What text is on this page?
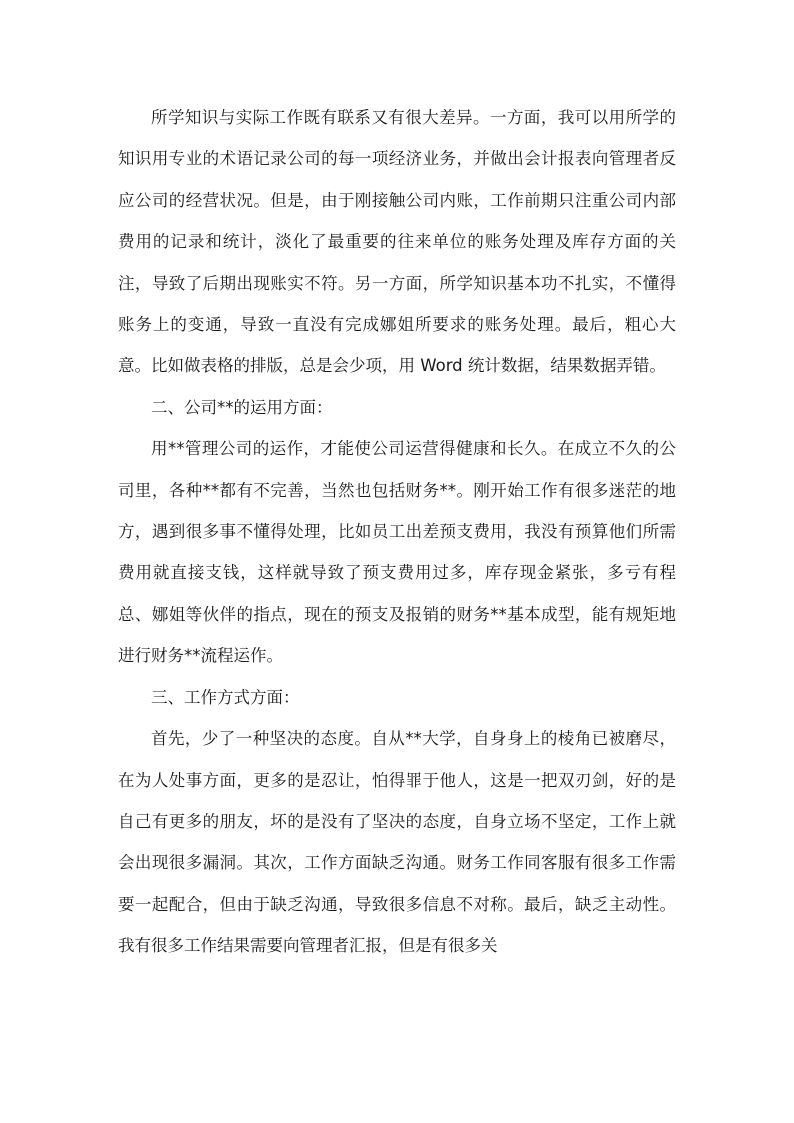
所学知识与实际工作既有联系又有很大差异。一方面，我可以用所学的知识用专业的术语记录公司的每一项经济业务，并做出会计报表向管理者反应公司的经营状况。但是，由于刚接触公司内账，工作前期只注重公司内部费用的记录和统计，淡化了最重要的往来单位的账务处理及库存方面的关注，导致了后期出现账实不符。另一方面，所学知识基本功不扎实，不懂得账务上的变通，导致一直没有完成娜姐所要求的账务处理。最后，粗心大意。比如做表格的排版，总是会少项，用 Word 统计数据，结果数据弄错。

二、公司**的运用方面：

用**管理公司的运作，才能使公司运营得健康和长久。在成立不久的公司里，各种**都有不完善，当然也包括财务**。刚开始工作有很多迷茫的地方，遇到很多事不懂得处理，比如员工出差预支费用，我没有预算他们所需费用就直接支钱，这样就导致了预支费用过多，库存现金紧张，多亏有程总、娜姐等伙伴的指点，现在的预支及报销的财务**基本成型，能有规矩地进行财务**流程运作。

三、工作方式方面：

首先，少了一种坚决的态度。自从**大学，自身身上的棱角已被磨尽，在为人处事方面，更多的是忍让，怕得罪于他人，这是一把双刃剑，好的是自己有更多的朋友，坏的是没有了坚决的态度，自身立场不坚定，工作上就会出现很多漏洞。其次，工作方面缺乏沟通。财务工作同客服有很多工作需要一起配合，但由于缺乏沟通，导致很多信息不对称。最后，缺乏主动性。我有很多工作结果需要向管理者汇报，但是有很多关
